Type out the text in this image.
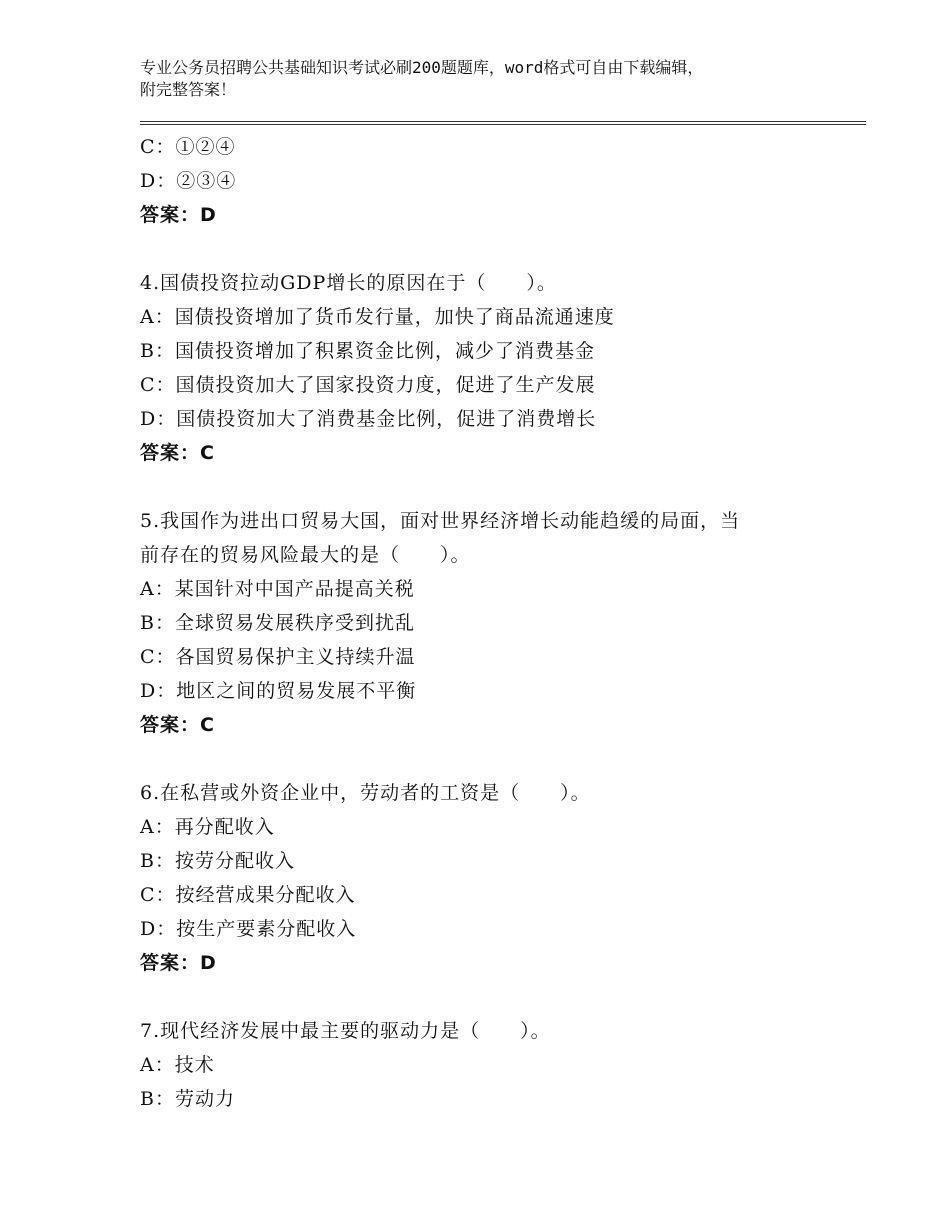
专业公务员招聘公共基础知识考试必刷200题题库，word格式可自由下载编辑，
附完整答案！
C：①②④
D：②③④
答案：D
4.国债投资拉动GDP增长的原因在于（　　）。
A：国债投资增加了货币发行量，加快了商品流通速度
B：国债投资增加了积累资金比例，减少了消费基金
C：国债投资加大了国家投资力度，促进了生产发展
D：国债投资加大了消费基金比例，促进了消费增长
答案：C
5.我国作为进出口贸易大国，面对世界经济增长动能趋缓的局面，当
前存在的贸易风险最大的是（　　）。
A：某国针对中国产品提高关税
B：全球贸易发展秩序受到扰乱
C：各国贸易保护主义持续升温
D：地区之间的贸易发展不平衡
答案：C
6.在私营或外资企业中，劳动者的工资是（　　）。
A：再分配收入
B：按劳分配收入
C：按经营成果分配收入
D：按生产要素分配收入
答案：D
7.现代经济发展中最主要的驱动力是（　　）。
A：技术
B：劳动力
